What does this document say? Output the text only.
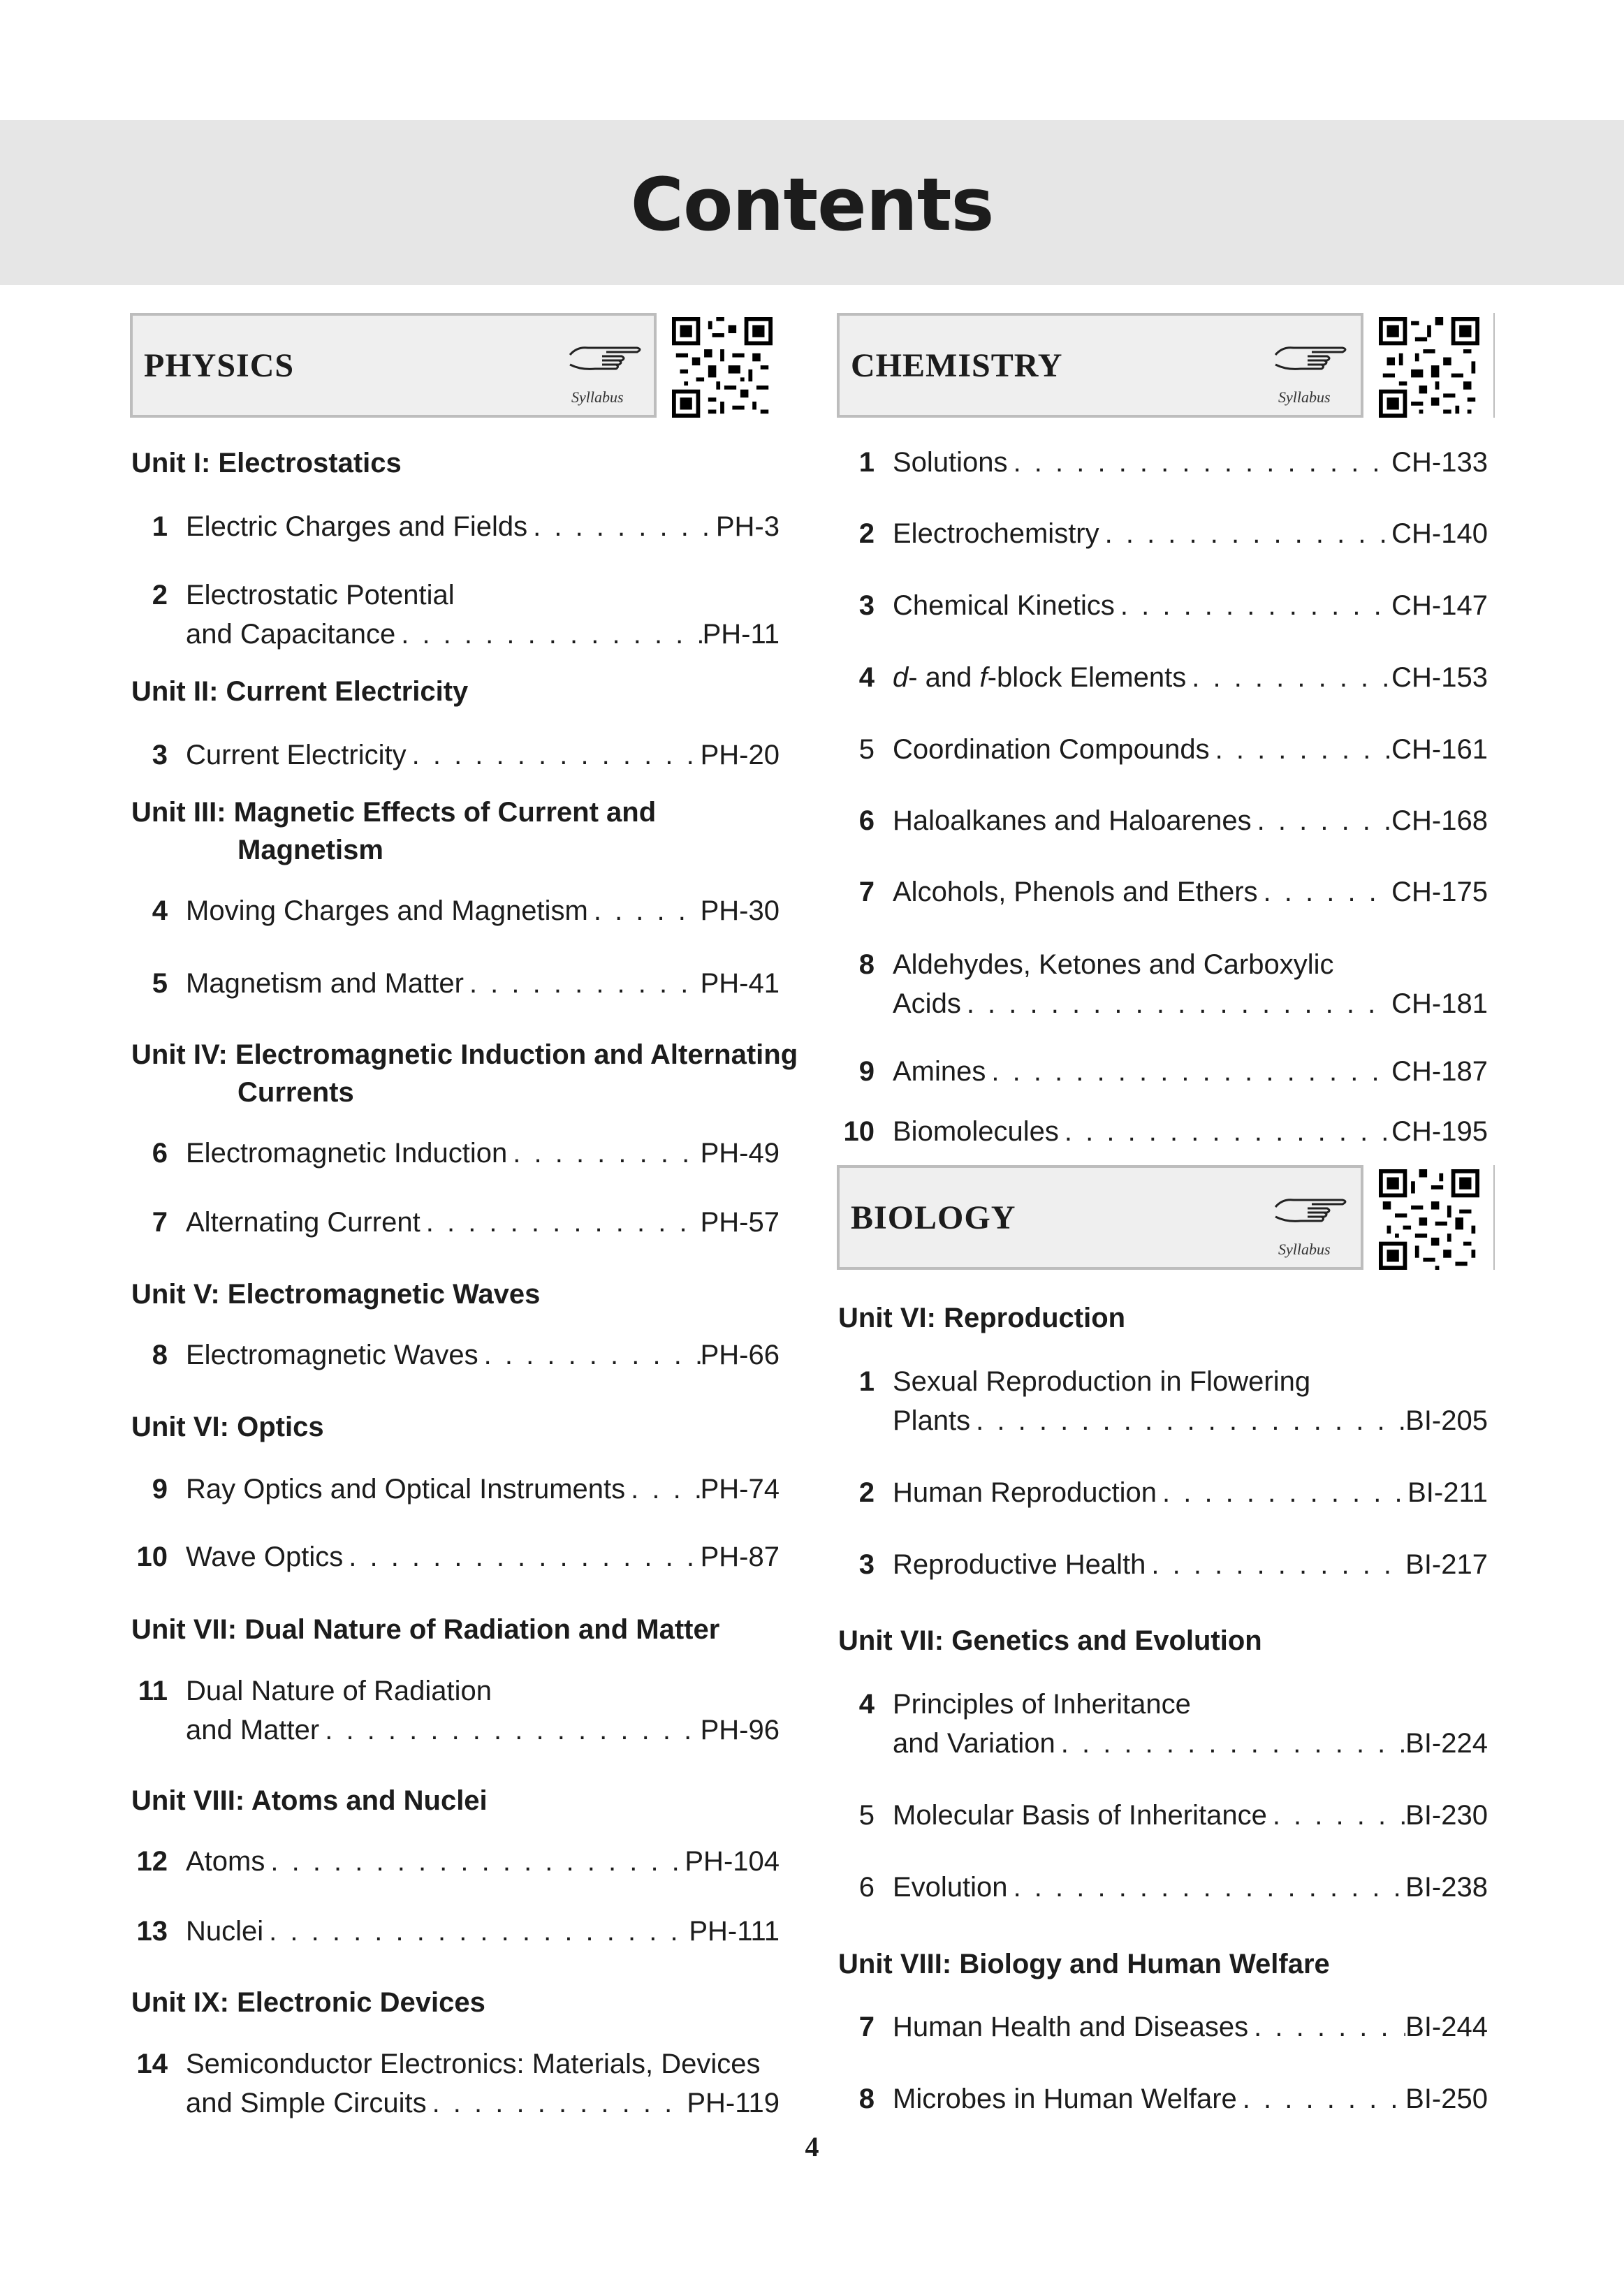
Contents
PHYSICS
Syllabus
CHEMISTRY
Syllabus
BIOLOGY
Syllabus
Unit I: Electrostatics
1 Electric Charges and Fields . . .	PH-3
2 Electrostatic Potential
and Capacitance . . .	PH-11
Unit II: Current Electricity
3 Current Electricity . . .	PH-20
Unit III: Magnetic Effects of Current and
Magnetism
4 Moving Charges and Magnetism . . .	PH-30
5 Magnetism and Matter . . .	PH-41
Unit IV: Electromagnetic Induction and Alternating
Currents
6 Electromagnetic Induction . . .	PH-49
7 Alternating Current . . .	PH-57
Unit V: Electromagnetic Waves
8 Electromagnetic Waves . . .	PH-66
Unit VI: Optics
9 Ray Optics and Optical Instruments . . .	PH-74
10 Wave Optics . . .	PH-87
Unit VII: Dual Nature of Radiation and Matter
11 Dual Nature of Radiation
and Matter . . .	PH-96
Unit VIII: Atoms and Nuclei
12 Atoms . . .	PH-104
13 Nuclei . . .	PH-111
Unit IX: Electronic Devices
14 Semiconductor Electronics: Materials, Devices
and Simple Circuits . . .	PH-119
1 Solutions . . .	CH-133
2 Electrochemistry . . .	CH-140
3 Chemical Kinetics . . .	CH-147
4 d- and f-block Elements . . .	CH-153
5 Coordination Compounds . . .	CH-161
6 Haloalkanes and Haloarenes . . .	CH-168
7 Alcohols, Phenols and Ethers . . .	CH-175
8 Aldehydes, Ketones and Carboxylic
Acids . . .	CH-181
9 Amines . . .	CH-187
10 Biomolecules . . .	CH-195
Unit VI: Reproduction
1 Sexual Reproduction in Flowering
Plants . . .	BI-205
2 Human Reproduction . . .	BI-211
3 Reproductive Health . . .	BI-217
Unit VII: Genetics and Evolution
4 Principles of Inheritance
and Variation . . .	BI-224
5 Molecular Basis of Inheritance . . .	BI-230
6 Evolution . . .	BI-238
Unit VIII: Biology and Human Welfare
7 Human Health and Diseases . . .	BI-244
8 Microbes in Human Welfare . . .	BI-250
4
